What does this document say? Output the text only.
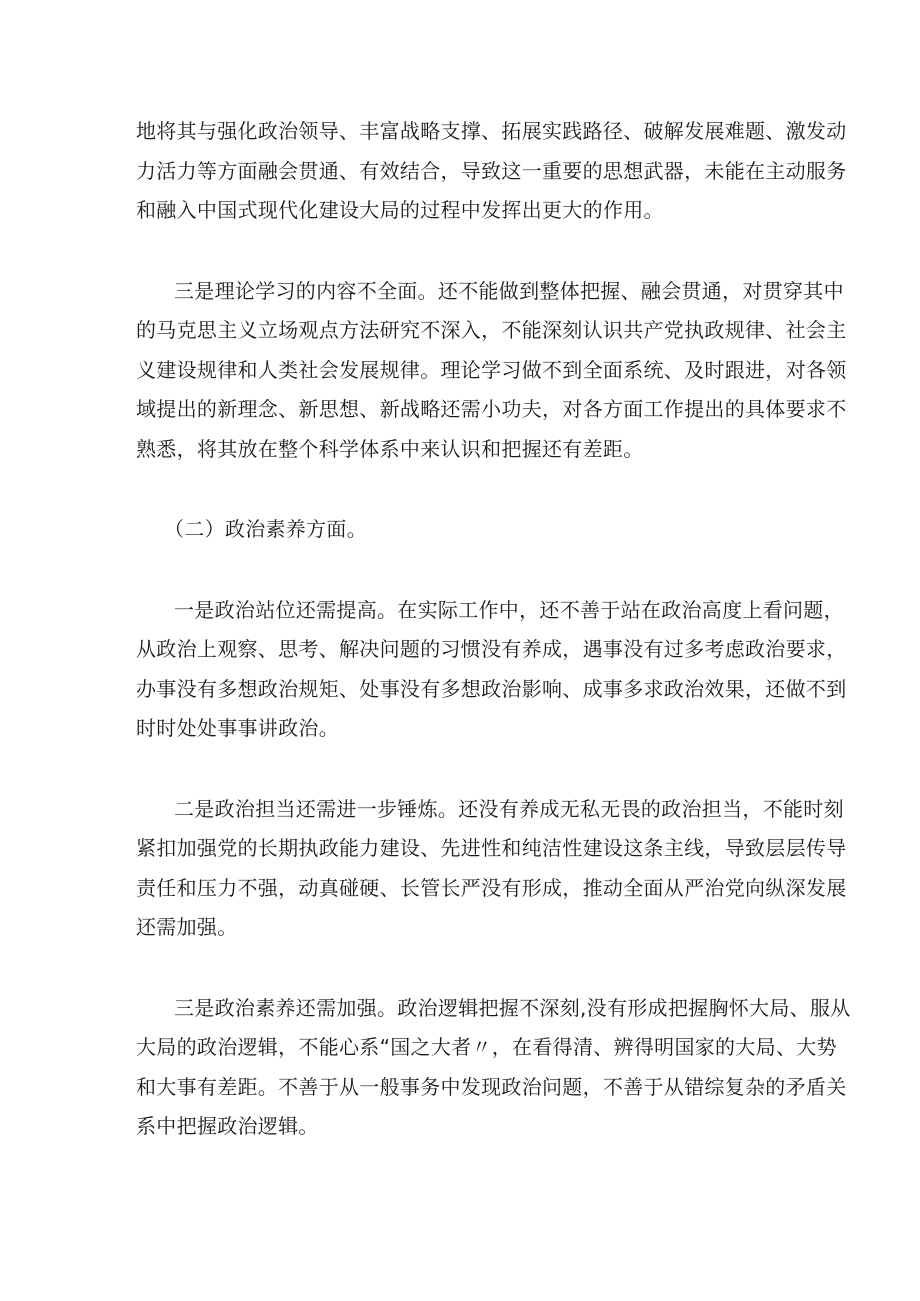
地将其与强化政治领导、丰富战略支撑、拓展实践路径、破解发展难题、激发动
力活力等方面融会贯通、有效结合，导致这一重要的思想武器，未能在主动服务
和融入中国式现代化建设大局的过程中发挥出更大的作用。

三是理论学习的内容不全面。还不能做到整体把握、融会贯通，对贯穿其中
的马克思主义立场观点方法研究不深入，不能深刻认识共产党执政规律、社会主
义建设规律和人类社会发展规律。理论学习做不到全面系统、及时跟进，对各领
域提出的新理念、新思想、新战略还需小功夫，对各方面工作提出的具体要求不
熟悉，将其放在整个科学体系中来认识和把握还有差距。

（二）政治素养方面。

一是政治站位还需提高。在实际工作中，还不善于站在政治高度上看问题，
从政治上观察、思考、解决问题的习惯没有养成，遇事没有过多考虑政治要求，
办事没有多想政治规矩、处事没有多想政治影响、成事多求政治效果，还做不到
时时处处事事讲政治。

二是政治担当还需进一步锤炼。还没有养成无私无畏的政治担当，不能时刻
紧扣加强党的长期执政能力建设、先进性和纯洁性建设这条主线，导致层层传导
责任和压力不强，动真碰硬、长管长严没有形成，推动全面从严治党向纵深发展
还需加强。

三是政治素养还需加强。政治逻辑把握不深刻,没有形成把握胸怀大局、服从
大局的政治逻辑，不能心系“国之大者〃，在看得清、辨得明国家的大局、大势
和大事有差距。不善于从一般事务中发现政治问题，不善于从错综复杂的矛盾关
系中把握政治逻辑。
